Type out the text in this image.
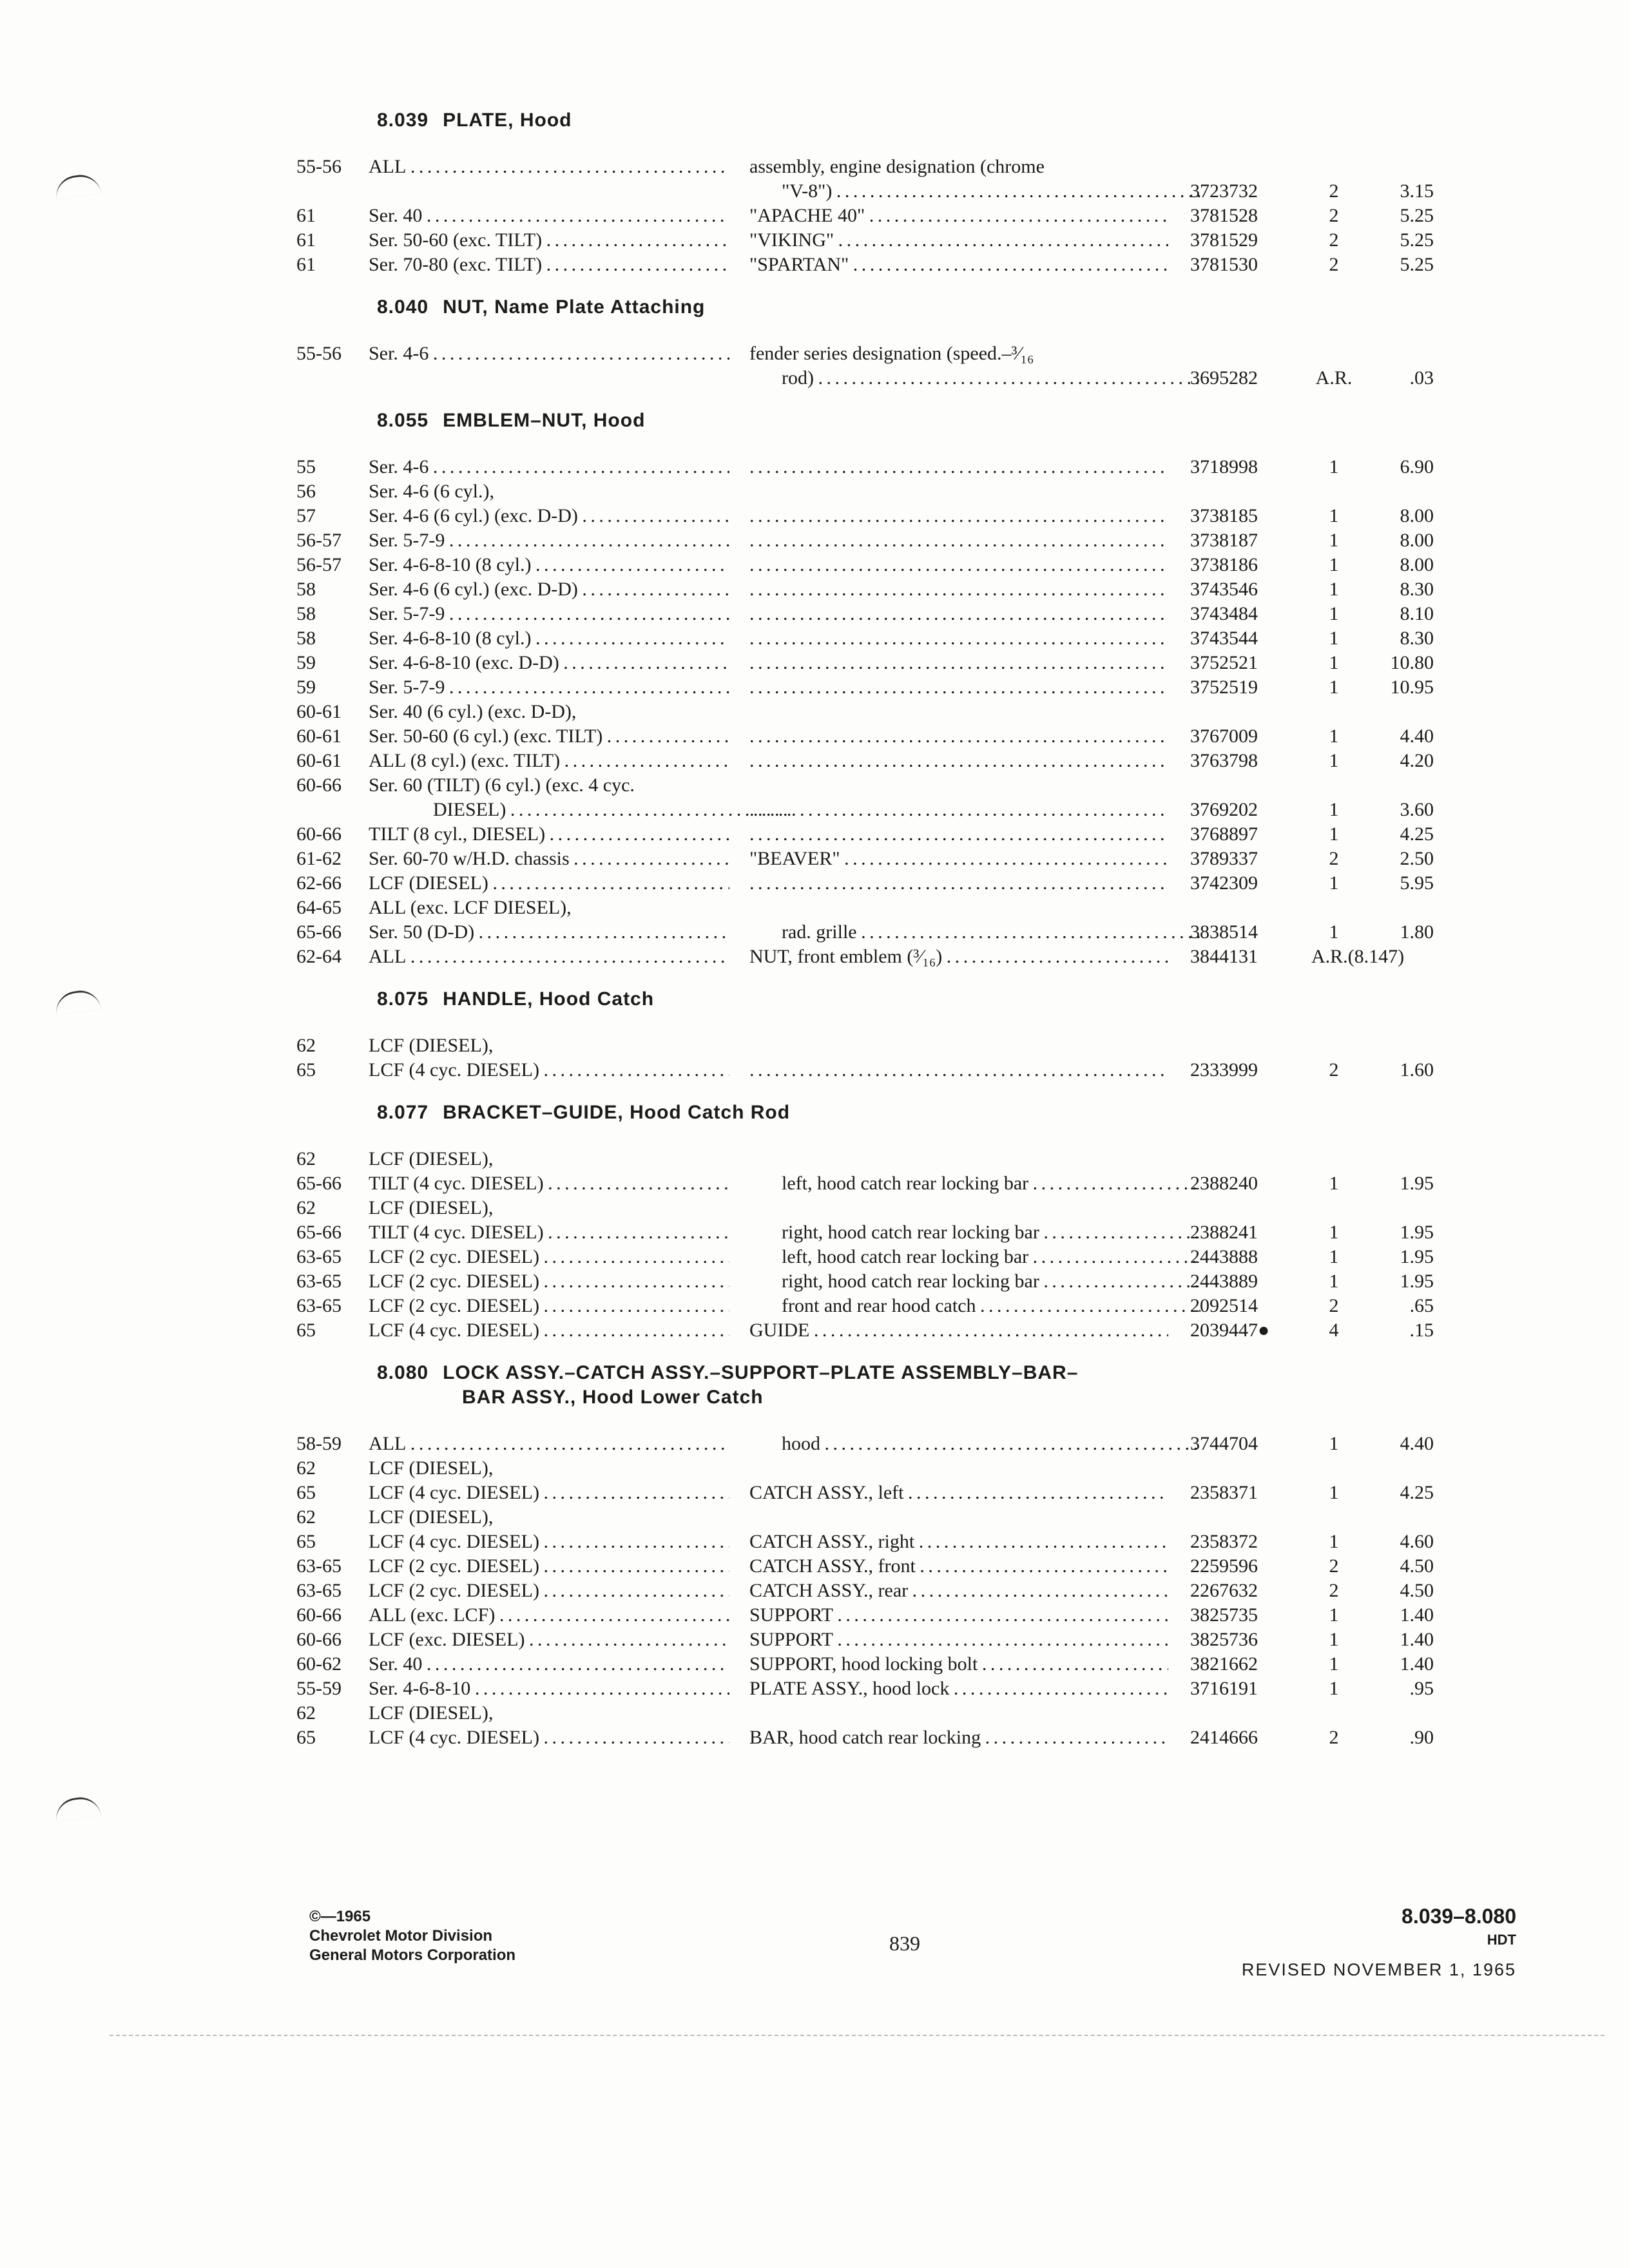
8.039 PLATE, Hood
55-56	ALL . . .	assembly, engine designation (chrome
"V-8") . . .	3723732	2	3.15
61	Ser. 40 . . .	"APACHE 40" . . .	3781528	2	5.25
61	Ser. 50-60 (exc. TILT) . . .	"VIKING" . . .	3781529	2	5.25
61	Ser. 70-80 (exc. TILT) . . .	"SPARTAN" . . .	3781530	2	5.25
8.040 NUT, Name Plate Attaching
55-56	Ser. 4-6 . . .	fender series designation (speed.–³⁄₁₆
rod) . . .	3695282	A.R.	.03
8.055 EMBLEM–NUT, Hood
55	Ser. 4-6 . . . . . .	3718998	1	6.90
56	Ser. 4-6 (6 cyl.),
57	Ser. 4-6 (6 cyl.) (exc. D-D) . . . . . .	3738185	1	8.00
56-57	Ser. 5-7-9 . . . . . .	3738187	1	8.00
56-57	Ser. 4-6-8-10 (8 cyl.) . . . . . .	3738186	1	8.00
58	Ser. 4-6 (6 cyl.) (exc. D-D) . . . . . .	3743546	1	8.30
58	Ser. 5-7-9 . . . . . .	3743484	1	8.10
58	Ser. 4-6-8-10 (8 cyl.) . . . . . .	3743544	1	8.30
59	Ser. 4-6-8-10 (exc. D-D) . . . . . .	3752521	1	10.80
59	Ser. 5-7-9 . . . . . .	3752519	1	10.95
60-61	Ser. 40 (6 cyl.) (exc. D-D),
60-61	Ser. 50-60 (6 cyl.) (exc. TILT) . . . . . .	3767009	1	4.40
60-61	ALL (8 cyl.) (exc. TILT) . . . . . .	3763798	1	4.20
60-66	Ser. 60 (TILT) (6 cyl.) (exc. 4 cyc.
DIESEL) . . . . . .	3769202	1	3.60
60-66	TILT (8 cyl., DIESEL) . . . . . .	3768897	1	4.25
61-62	Ser. 60-70 w/H.D. chassis . . .	"BEAVER" . . .	3789337	2	2.50
62-66	LCF (DIESEL) . . . . . .	3742309	1	5.95
64-65	ALL (exc. LCF DIESEL),
65-66	Ser. 50 (D-D) . . .	rad. grille . . .	3838514	1	1.80
62-64	ALL . . .	NUT, front emblem (³⁄₁₆) . . .	3844131	A.R.(8.147)
8.075 HANDLE, Hood Catch
62	LCF (DIESEL),
65	LCF (4 cyc. DIESEL) . . . . . .	2333999	2	1.60
8.077 BRACKET–GUIDE, Hood Catch Rod
62	LCF (DIESEL),
65-66	TILT (4 cyc. DIESEL) . . .	left, hood catch rear locking bar . . .	2388240	1	1.95
62	LCF (DIESEL),
65-66	TILT (4 cyc. DIESEL) . . .	right, hood catch rear locking bar . . .	2388241	1	1.95
63-65	LCF (2 cyc. DIESEL) . . .	left, hood catch rear locking bar . . .	2443888	1	1.95
63-65	LCF (2 cyc. DIESEL) . . .	right, hood catch rear locking bar . . .	2443889	1	1.95
63-65	LCF (2 cyc. DIESEL) . . .	front and rear hood catch . . .	2092514	2	.65
65	LCF (4 cyc. DIESEL) . . .	GUIDE . . .	2039447●	4	.15
8.080 LOCK ASSY.–CATCH ASSY.–SUPPORT–PLATE ASSEMBLY–BAR–
BAR ASSY., Hood Lower Catch
58-59	ALL . . .	hood . . .	3744704	1	4.40
62	LCF (DIESEL),
65	LCF (4 cyc. DIESEL) . . .	CATCH ASSY., left . . .	2358371	1	4.25
62	LCF (DIESEL),
65	LCF (4 cyc. DIESEL) . . .	CATCH ASSY., right . . .	2358372	1	4.60
63-65	LCF (2 cyc. DIESEL) . . .	CATCH ASSY., front . . .	2259596	2	4.50
63-65	LCF (2 cyc. DIESEL) . . .	CATCH ASSY., rear . . .	2267632	2	4.50
60-66	ALL (exc. LCF) . . .	SUPPORT . . .	3825735	1	1.40
60-66	LCF (exc. DIESEL) . . .	SUPPORT . . .	3825736	1	1.40
60-62	Ser. 40 . . .	SUPPORT, hood locking bolt . . .	3821662	1	1.40
55-59	Ser. 4-6-8-10 . . .	PLATE ASSY., hood lock . . .	3716191	1	.95
62	LCF (DIESEL),
65	LCF (4 cyc. DIESEL) . . .	BAR, hood catch rear locking . . .	2414666	2	.90
©—1965
Chevrolet Motor Division
General Motors Corporation
839
8.039–8.080
HDT
REVISED NOVEMBER 1, 1965
